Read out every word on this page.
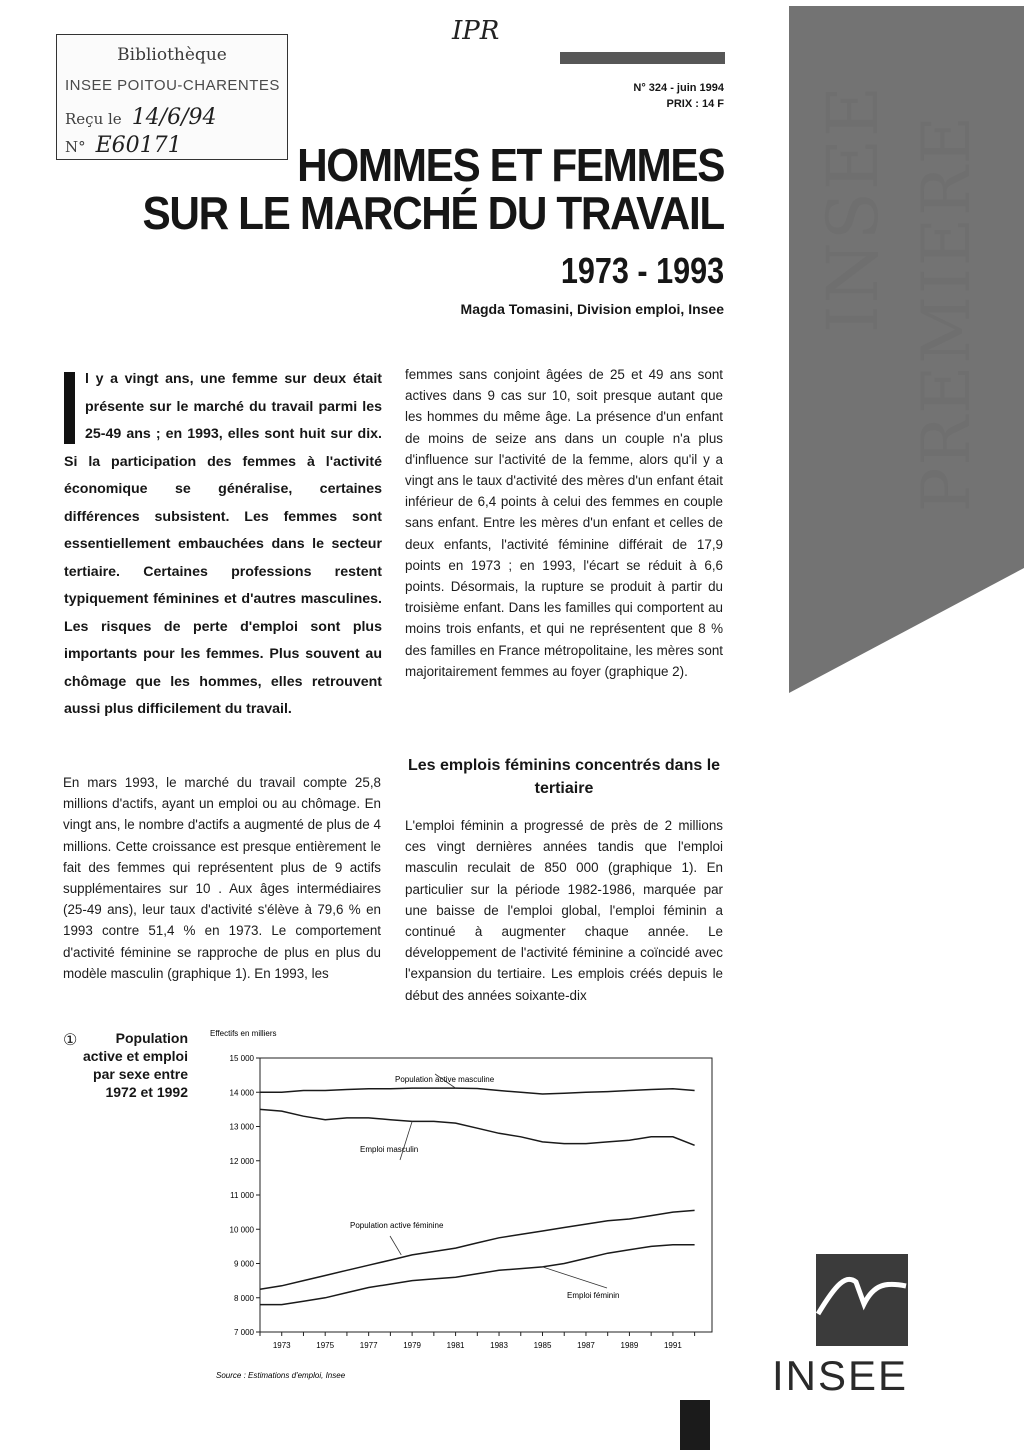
Bibliothèque
INSEE POITOU-CHARENTES
Reçu le 14/6/94
N° E60171
IPR
INSEE PREMIERE
N° 324 - juin 1994
PRIX : 14 F
HOMMES ET FEMMES
SUR LE MARCHÉ DU TRAVAIL
1973 - 1993
Magda Tomasini, Division emploi, Insee
l y a vingt ans, une femme sur deux était présente sur le marché du travail parmi les 25-49 ans ; en 1993, elles sont huit sur dix. Si la participation des femmes à l'activité économique se généralise, certaines différences subsistent. Les femmes sont essentiellement embauchées dans le secteur tertiaire. Certaines professions restent typiquement féminines et d'autres masculines. Les risques de perte d'emploi sont plus importants pour les femmes. Plus souvent au chômage que les hommes, elles retrouvent aussi plus difficilement du travail.
En mars 1993, le marché du travail compte 25,8 millions d'actifs, ayant un emploi ou au chômage. En vingt ans, le nombre d'actifs a augmenté de plus de 4 millions. Cette croissance est presque entièrement le fait des femmes qui représentent plus de 9 actifs supplémentaires sur 10 . Aux âges intermédiaires (25-49 ans), leur taux d'activité s'élève à 79,6 % en 1993 contre 51,4 % en 1973. Le comportement d'activité féminine se rapproche de plus en plus du modèle masculin (graphique 1). En 1993, les
femmes sans conjoint âgées de 25 et 49 ans sont actives dans 9 cas sur 10, soit presque autant que les hommes du même âge. La présence d'un enfant de moins de seize ans dans un couple n'a plus d'influence sur l'activité de la femme, alors qu'il y a vingt ans le taux d'activité des mères d'un enfant était inférieur de 6,4 points à celui des femmes en couple sans enfant. Entre les mères d'un enfant et celles de deux enfants, l'activité féminine différait de 17,9 points en 1973 ; en 1993, l'écart se réduit à 6,6 points. Désormais, la rupture se produit à partir du troisième enfant. Dans les familles qui comportent au moins trois enfants, et qui ne représentent que 8 % des familles en France métropolitaine, les mères sont majoritairement femmes au foyer (graphique 2).
Les emplois féminins concentrés dans le tertiaire
L'emploi féminin a progressé de près de 2 millions ces vingt dernières années tandis que l'emploi masculin reculait de 850 000 (graphique 1). En particulier sur la période 1982-1986, marquée par une baisse de l'emploi global, l'emploi féminin a continué à augmenter chaque année. Le développement de l'activité féminine a coïncidé avec l'expansion du tertiaire. Les emplois créés depuis le début des années soixante-dix
①	Population active et emploi par sexe entre 1972 et 1992
Effectifs en milliers
7 000
8 000
9 000
10 000
11 000
12 000
13 000
14 000
15 000
1973	1975	1977	1979	1981	1983	1985	1987	1989	1991
Population active masculine
Emploi masculin
Population active féminine
Emploi féminin
Source : Estimations d'emploi, Insee	INSEE
